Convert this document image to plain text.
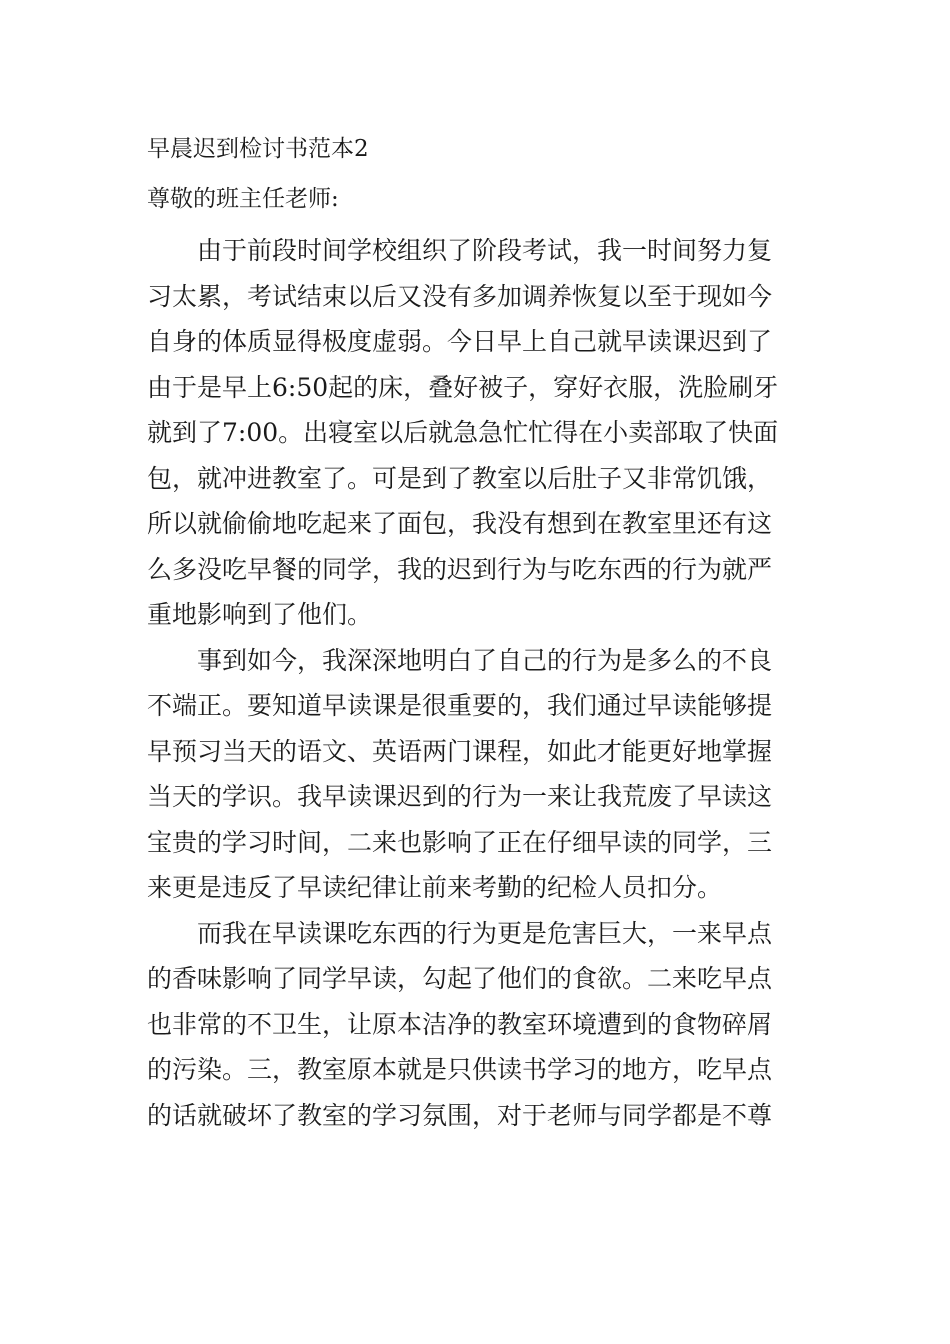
早晨迟到检讨书范本2
尊敬的班主任老师:
由于前段时间学校组织了阶段考试，我一时间努力复
习太累，考试结束以后又没有多加调养恢复以至于现如今
自身的体质显得极度虚弱。今日早上自己就早读课迟到了
由于是早上6:50起的床，叠好被子，穿好衣服，洗脸刷牙
就到了7:00。出寝室以后就急急忙忙得在小卖部取了快面
包，就冲进教室了。可是到了教室以后肚子又非常饥饿，
所以就偷偷地吃起来了面包，我没有想到在教室里还有这
么多没吃早餐的同学，我的迟到行为与吃东西的行为就严
重地影响到了他们。
事到如今，我深深地明白了自己的行为是多么的不良
不端正。要知道早读课是很重要的，我们通过早读能够提
早预习当天的语文、英语两门课程，如此才能更好地掌握
当天的学识。我早读课迟到的行为一来让我荒废了早读这
宝贵的学习时间，二来也影响了正在仔细早读的同学，三
来更是违反了早读纪律让前来考勤的纪检人员扣分。
而我在早读课吃东西的行为更是危害巨大，一来早点
的香味影响了同学早读，勾起了他们的食欲。二来吃早点
也非常的不卫生，让原本洁净的教室环境遭到的食物碎屑
的污染。三，教室原本就是只供读书学习的地方，吃早点
的话就破坏了教室的学习氛围，对于老师与同学都是不尊
